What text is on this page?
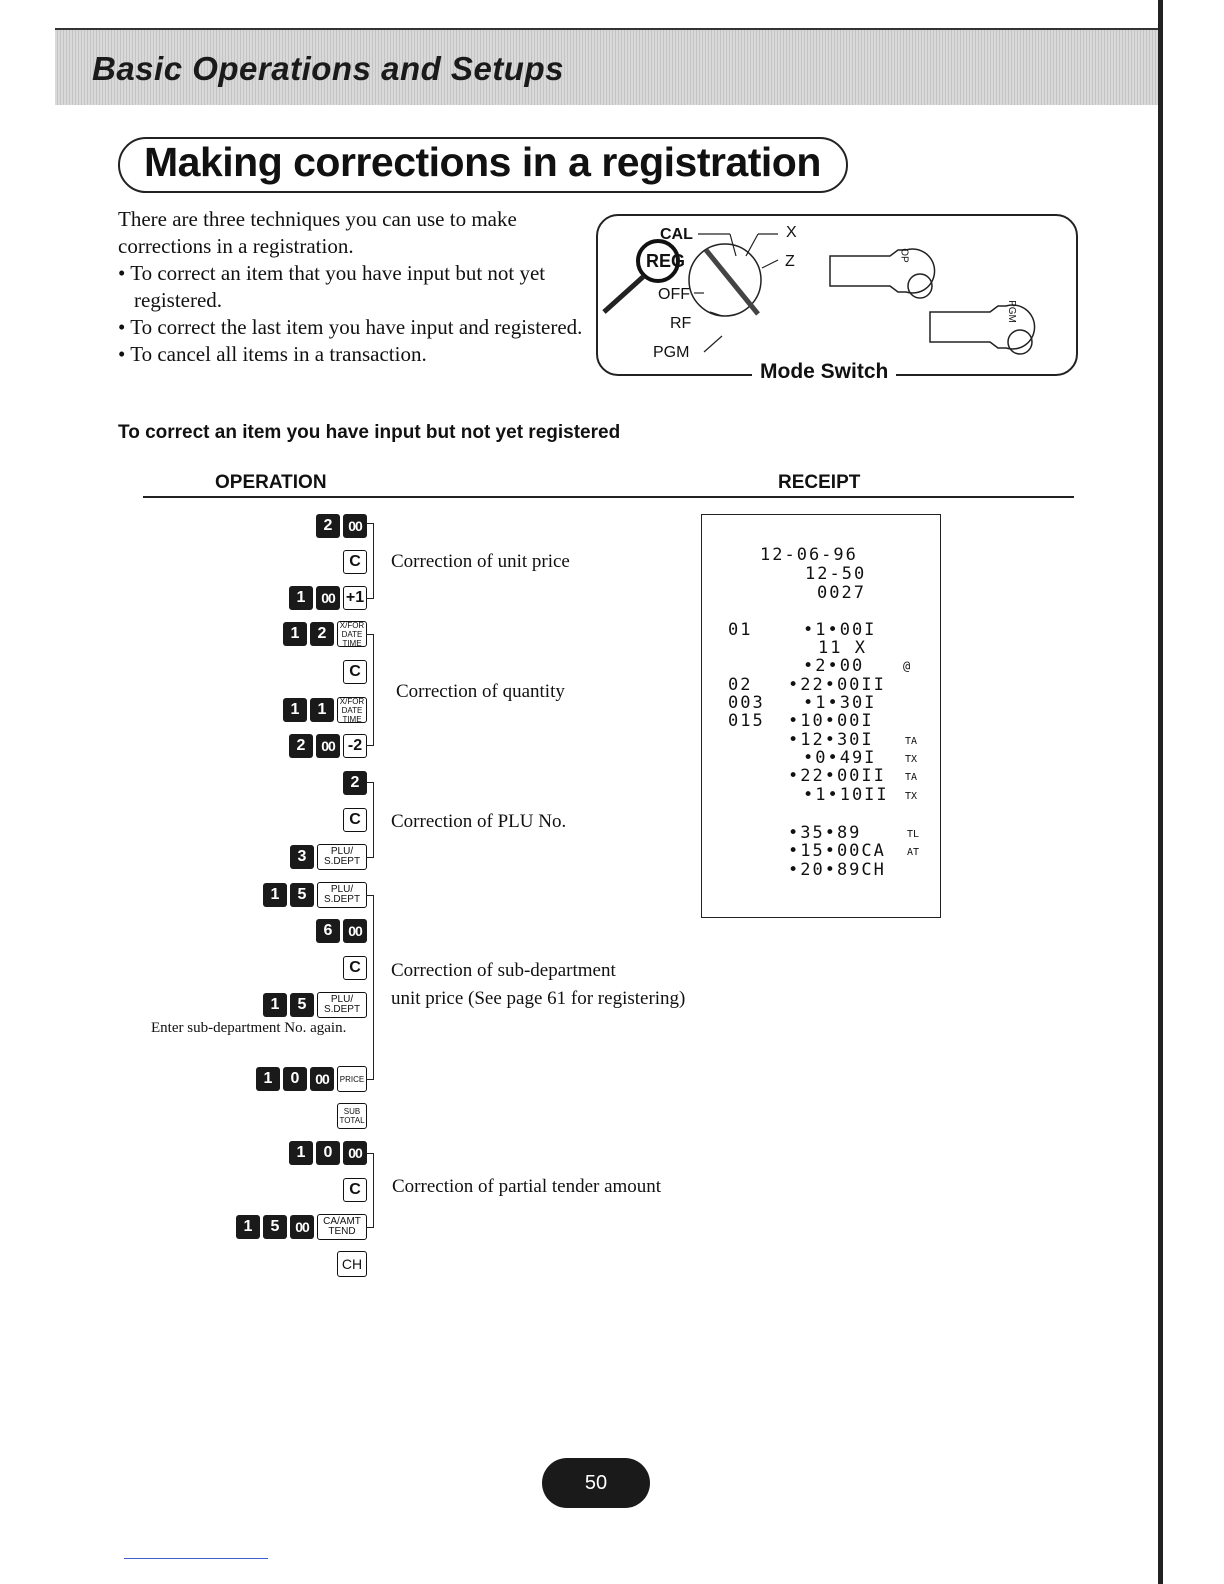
Basic Operations and Setups
Making corrections in a registration

There are three techniques you can use to make corrections in a registration.

• To correct an item that you have input but not yet registered.
• To correct the last item you have input and registered.
• To cancel all items in a transaction.
CAL
REG
OFF
RF
PGM
X
Z	OP
PGM
Mode Switch
To correct an item you have input but not yet registered
OPERATION	RECEIPT
2	00
C
1	00 +1
Correction of unit price
1	2	X/FOR
DATE
TIME
C
1	1	X/FOR
DATE
TIME
2	00 -2
Correction of quantity
2
C
3	PLU/
S.DEPT
Correction of PLU No.
1	5	PLU/
S.DEPT
6	00
C
1	5	PLU/
S.DEPT
Enter sub-department No. again.
1	0	00	PRICE
Correction of sub-department
unit price (See page 61 for registering)
SUB
TOTAL
1	0	00
C
1	5	00	CA/AMT
TEND
Correction of partial tender amount
CH
12-06-96
12-50
0027
01	•1•00I
11 X
•2•00	@
02 •22•00II
003 •1•30I
015 •10•00I
•12•30I	TA
•0•49I	TX
•22•00II TA
•1•10II TX
•35•89	TL
•15•00CA AT
•20•89CH
50
